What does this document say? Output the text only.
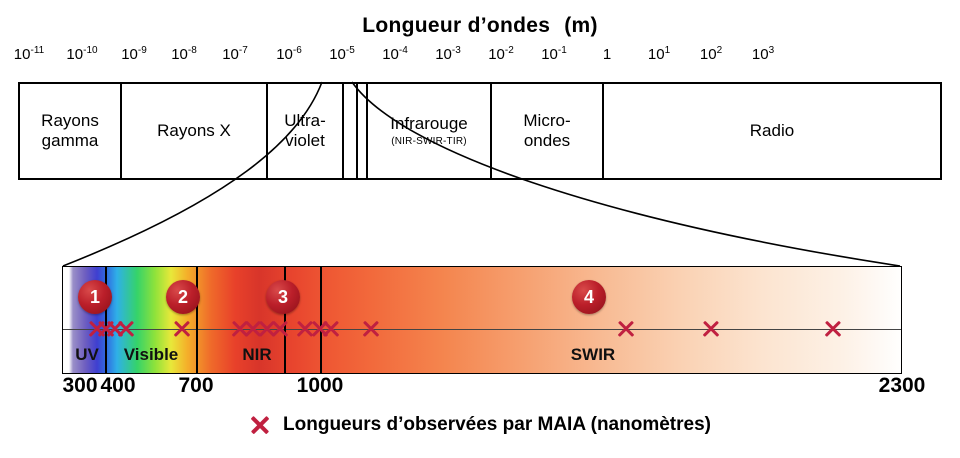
Longueur d’ondes (m)
$10^{-11}$ $10^{-10}$ $10^{-9}$ $10^{-8}$ $10^{-7}$ $10^{-6}$ $10^{-5}$ $10^{-4}$ $10^{-3}$ $10^{-2}$ $10^{-1}$ 1 $10^1$ $10^2$ $10^3$
Rayons
gamma
Rayons X
Ultra-
violet
Infrarouge
(NIR-SWIR-TIR)
Micro-
ondes
Radio
1	2	3	4
UV Visible	NIR	SWIR
300 400 700	1000	2300
Longueurs d’observées par MAIA (nanomètres)
